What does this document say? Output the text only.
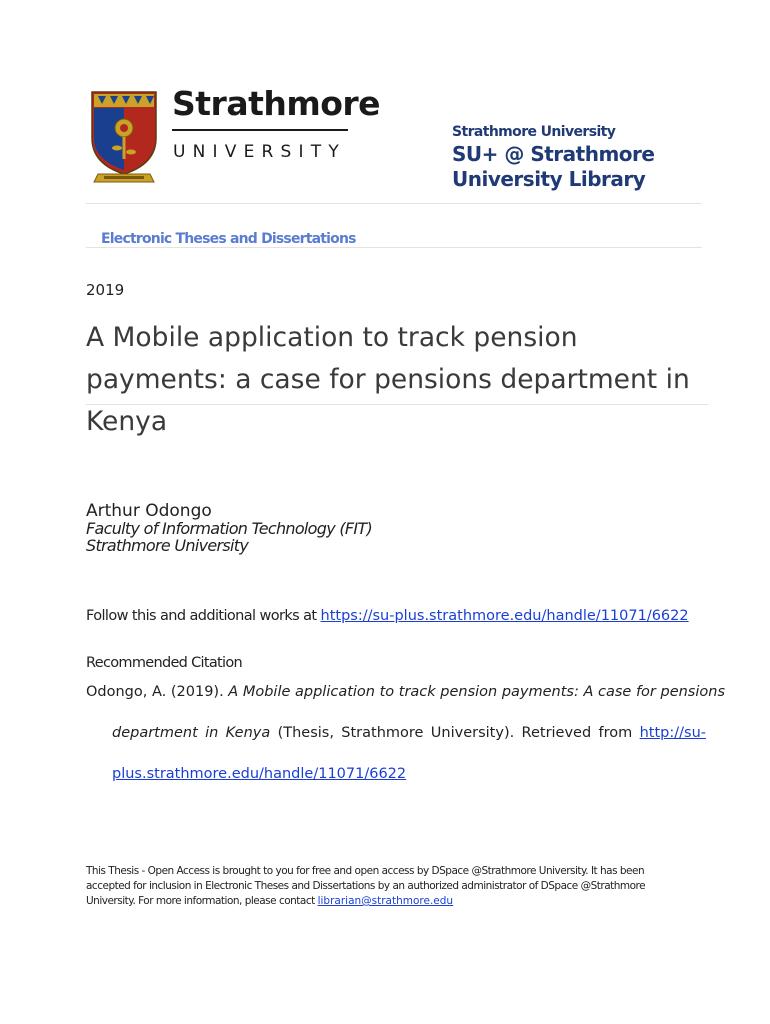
Strathmore
UNIVERSITY
Strathmore University
SU+ @ Strathmore
University Library
Electronic Theses and Dissertations
2019
A Mobile application to track pension payments: a case for pensions department in Kenya
Arthur Odongo
Faculty of Information Technology (FIT)
Strathmore University
Follow this and additional works at https://su-plus.strathmore.edu/handle/11071/6622
Recommended Citation
Odongo, A. (2019). A Mobile application to track pension payments: A case for pensions
department in Kenya (Thesis, Strathmore University). Retrieved from http://su-
plus.strathmore.edu/handle/11071/6622
This Thesis - Open Access is brought to you for free and open access by DSpace @Strathmore University. It has been accepted for inclusion in Electronic Theses and Dissertations by an authorized administrator of DSpace @Strathmore University. For more information, please contact librarian@strathmore.edu
